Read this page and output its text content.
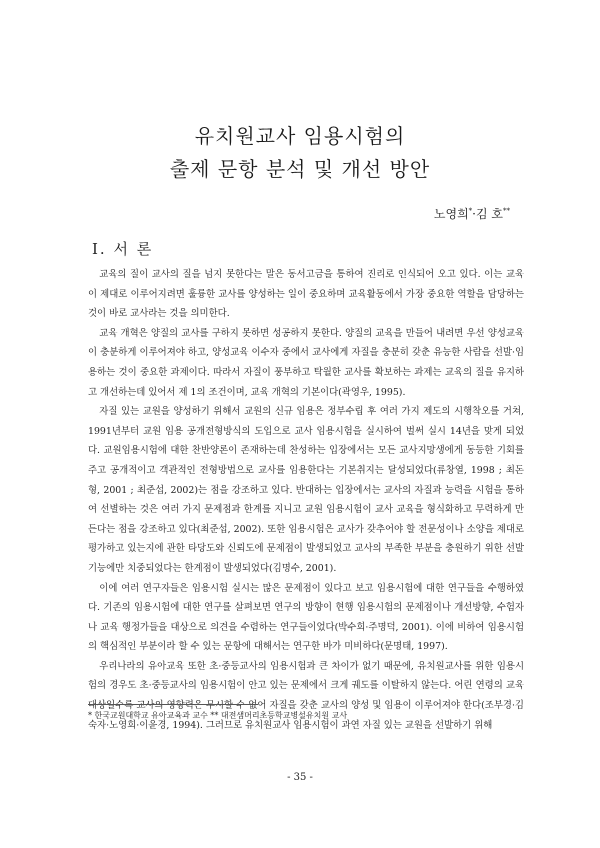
유치원교사 임용시험의
출제 문항 분석 및 개선 방안
노영희*·김 호**
Ⅰ. 서 론

교육의 질이 교사의 질을 넘지 못한다는 말은 동서고금을 통하여 진리로 인식되어 오고 있다. 이는 교육이 제대로 이루어지려면 훌륭한 교사를 양성하는 일이 중요하며 교육활동에서 가장 중요한 역할을 담당하는 것이 바로 교사라는 것을 의미한다.

교육 개혁은 양질의 교사를 구하지 못하면 성공하지 못한다. 양질의 교육을 만들어 내려면 우선 양성교육이 충분하게 이루어져야 하고, 양성교육 이수자 중에서 교사에게 자질을 충분히 갖춘 유능한 사람을 선발·임용하는 것이 중요한 과제이다. 따라서 자질이 풍부하고 탁월한 교사를 확보하는 과제는 교육의 질을 유지하고 개선하는데 있어서 제 1의 조건이며, 교육 개혁의 기본이다(곽영우, 1995).

자질 있는 교원을 양성하기 위해서 교원의 신규 임용은 정부수립 후 여러 가지 제도의 시행착오를 거쳐, 1991년부터 교원 임용 공개전형방식의 도입으로 교사 임용시험을 실시하여 벌써 실시 14년을 맞게 되었다. 교원임용시험에 대한 찬반양론이 존재하는데 찬성하는 입장에서는 모든 교사지망생에게 동등한 기회를 주고 공개적이고 객관적인 전형방법으로 교사를 임용한다는 기본취지는 달성되었다(류창열, 1998 ; 최돈형, 2001 ; 최준섭, 2002)는 점을 강조하고 있다. 반대하는 입장에서는 교사의 자질과 능력을 시험을 통하여 선별하는 것은 여러 가지 문제점과 한계를 지니고 교원 임용시험이 교사 교육을 형식화하고 무력하게 만든다는 점을 강조하고 있다(최준섭, 2002). 또한 임용시험은 교사가 갖추어야 할 전문성이나 소양을 제대로 평가하고 있는지에 관한 타당도와 신뢰도에 문제점이 발생되었고 교사의 부족한 부분을 충원하기 위한 선발기능에만 치중되었다는 한계점이 발생되었다(김명수, 2001).

이에 여러 연구자들은 임용시험 실시는 많은 문제점이 있다고 보고 임용시험에 대한 연구들을 수행하였다. 기존의 임용시험에 대한 연구를 살펴보면 연구의 방향이 현행 임용시험의 문제점이나 개선방향, 수험자나 교육 행정가들을 대상으로 의견을 수렴하는 연구들이었다(박수희·주명덕, 2001). 이에 비하여 임용시험의 핵심적인 부분이라 할 수 있는 문항에 대해서는 연구한 바가 미비하다(문명태, 1997).

우리나라의 유아교육 또한 초·중등교사의 임용시험과 큰 차이가 없기 때문에, 유치원교사를 위한 임용시험의 경우도 초·중등교사의 임용시험이 안고 있는 문제에서 크게 궤도를 이탈하지 않는다. 어린 연령의 교육대상일수록 교사의 영향력은 무시할 수 없어 자질을 갖춘 교사의 양성 및 임용이 이루어져야 한다(조부경·김숙자·노영희·이윤경, 1994). 그러므로 유치원교사 임용시험이 과연 자질 있는 교원을 선발하기 위해

* 한국교원대학교 유아교육과 교수 ** 대전샘머리초등학교병설유치원 교사
- 35 -
